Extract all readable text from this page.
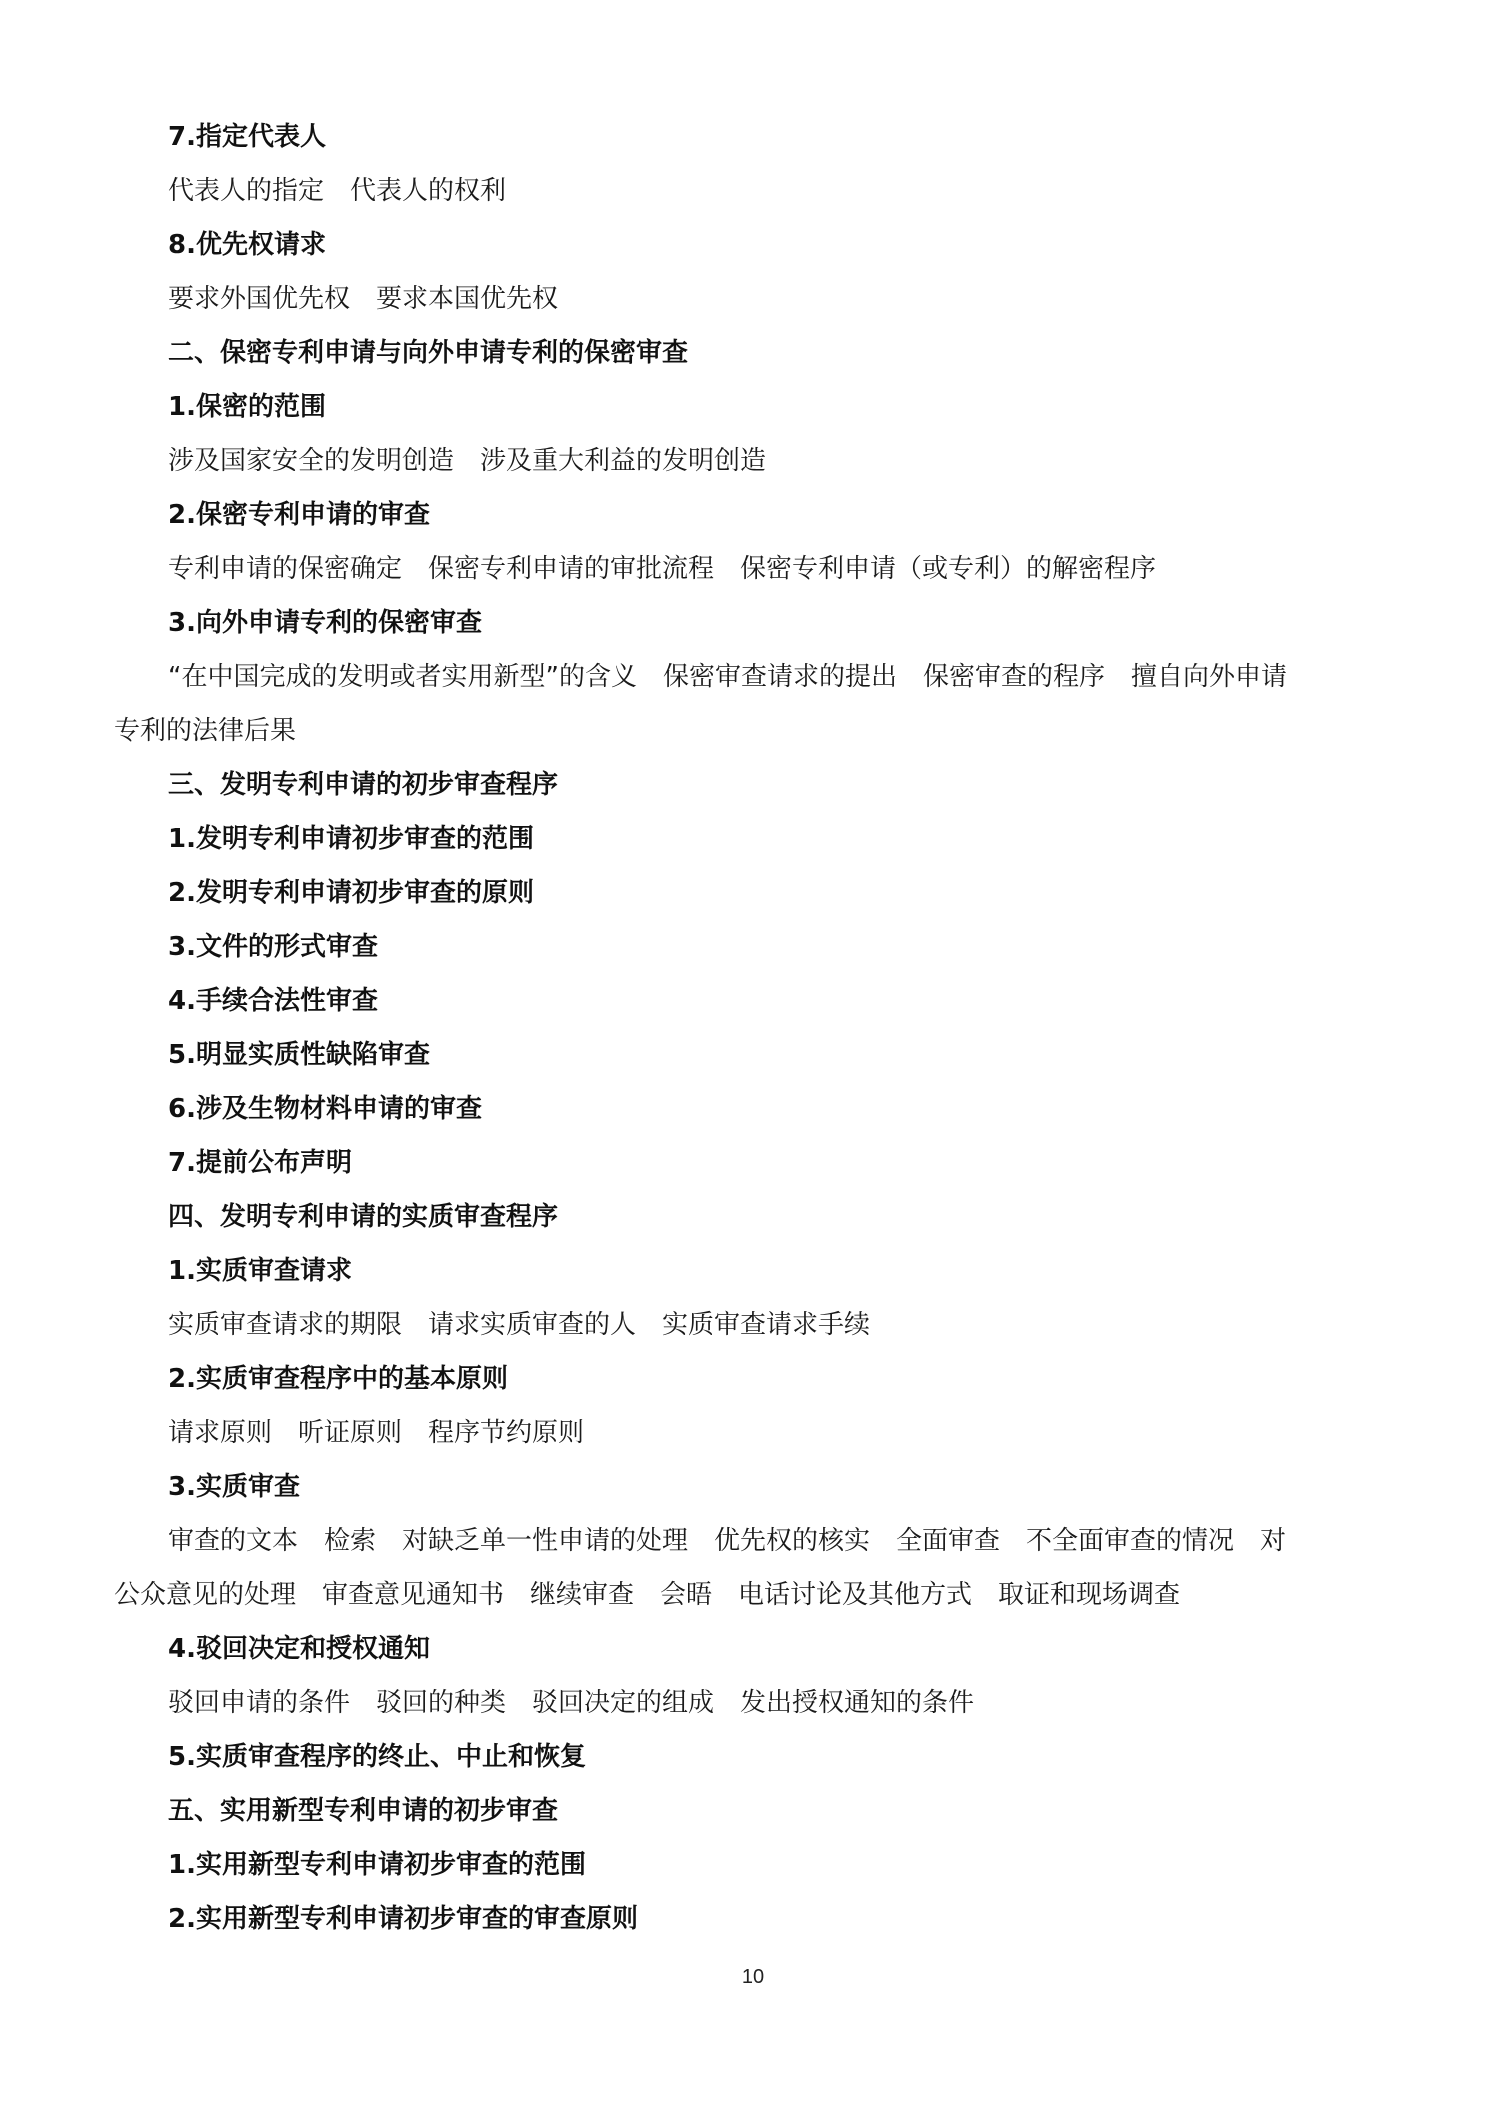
7.指定代表人
代表人的指定　代表人的权利
8.优先权请求
要求外国优先权　要求本国优先权
二、保密专利申请与向外申请专利的保密审查
1.保密的范围
涉及国家安全的发明创造　涉及重大利益的发明创造
2.保密专利申请的审查
专利申请的保密确定　保密专利申请的审批流程　保密专利申请（或专利）的解密程序
3.向外申请专利的保密审查
“在中国完成的发明或者实用新型”的含义　保密审查请求的提出　保密审查的程序　擅自向外申请
专利的法律后果
三、发明专利申请的初步审查程序
1.发明专利申请初步审查的范围
2.发明专利申请初步审查的原则
3.文件的形式审查
4.手续合法性审查
5.明显实质性缺陷审查
6.涉及生物材料申请的审查
7.提前公布声明
四、发明专利申请的实质审查程序
1.实质审查请求
实质审查请求的期限　请求实质审查的人　实质审查请求手续
2.实质审查程序中的基本原则
请求原则　听证原则　程序节约原则
3.实质审查
审查的文本　检索　对缺乏单一性申请的处理　优先权的核实　全面审查　不全面审查的情况　对
公众意见的处理　审查意见通知书　继续审查　会晤　电话讨论及其他方式　取证和现场调查
4.驳回决定和授权通知
驳回申请的条件　驳回的种类　驳回决定的组成　发出授权通知的条件
5.实质审查程序的终止、中止和恢复
五、实用新型专利申请的初步审查
1.实用新型专利申请初步审查的范围
2.实用新型专利申请初步审查的审查原则
10
